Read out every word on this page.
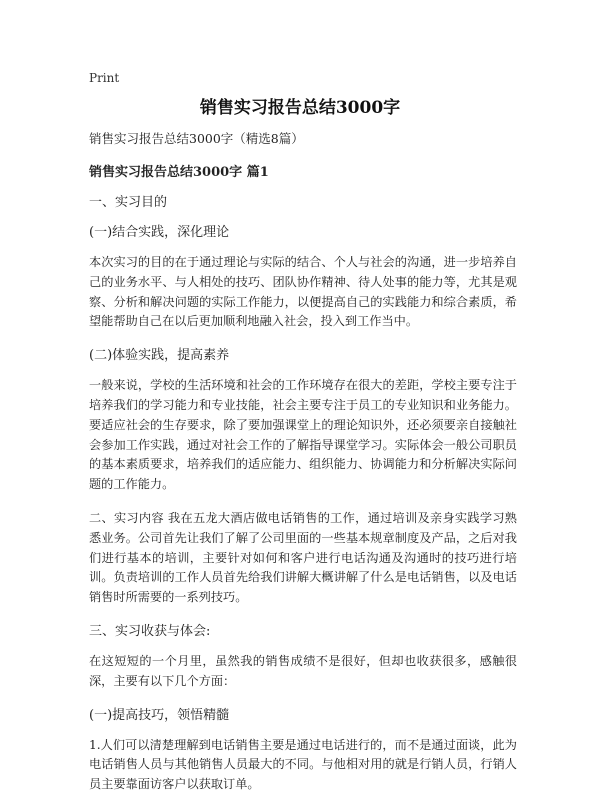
Print
销售实习报告总结3000字

销售实习报告总结3000字（精选8篇）

销售实习报告总结3000字 篇1

一、实习目的

(一)结合实践，深化理论

本次实习的目的在于通过理论与实际的结合、个人与社会的沟通，进一步培养自己的业务水平、与人相处的技巧、团队协作精神、待人处事的能力等，尤其是观察、分析和解决问题的实际工作能力，以便提高自己的实践能力和综合素质，希望能帮助自己在以后更加顺利地融入社会，投入到工作当中。

(二)体验实践，提高素养

一般来说，学校的生活环境和社会的工作环境存在很大的差距，学校主要专注于培养我们的学习能力和专业技能，社会主要专注于员工的专业知识和业务能力。要适应社会的生存要求，除了要加强课堂上的理论知识外，还必须要亲自接触社会参加工作实践，通过对社会工作的了解指导课堂学习。实际体会一般公司职员的基本素质要求，培养我们的适应能力、组织能力、协调能力和分析解决实际问题的工作能力。

二、实习内容 我在五龙大酒店做电话销售的工作，通过培训及亲身实践学习熟悉业务。公司首先让我们了解了公司里面的一些基本规章制度及产品，之后对我们进行基本的培训，主要针对如何和客户进行电话沟通及沟通时的技巧进行培训。负责培训的工作人员首先给我们讲解大概讲解了什么是电话销售，以及电话销售时所需要的一系列技巧。

三、实习收获与体会:

在这短短的一个月里，虽然我的销售成绩不是很好，但却也收获很多，感触很深，主要有以下几个方面：

(一)提高技巧，领悟精髓

1.人们可以清楚理解到电话销售主要是通过电话进行的，而不是通过面谈，此为电话销售人员与其他销售人员最大的不同。与他相对用的就是行销人员，行销人员主要靠面访客户以获取订单。
